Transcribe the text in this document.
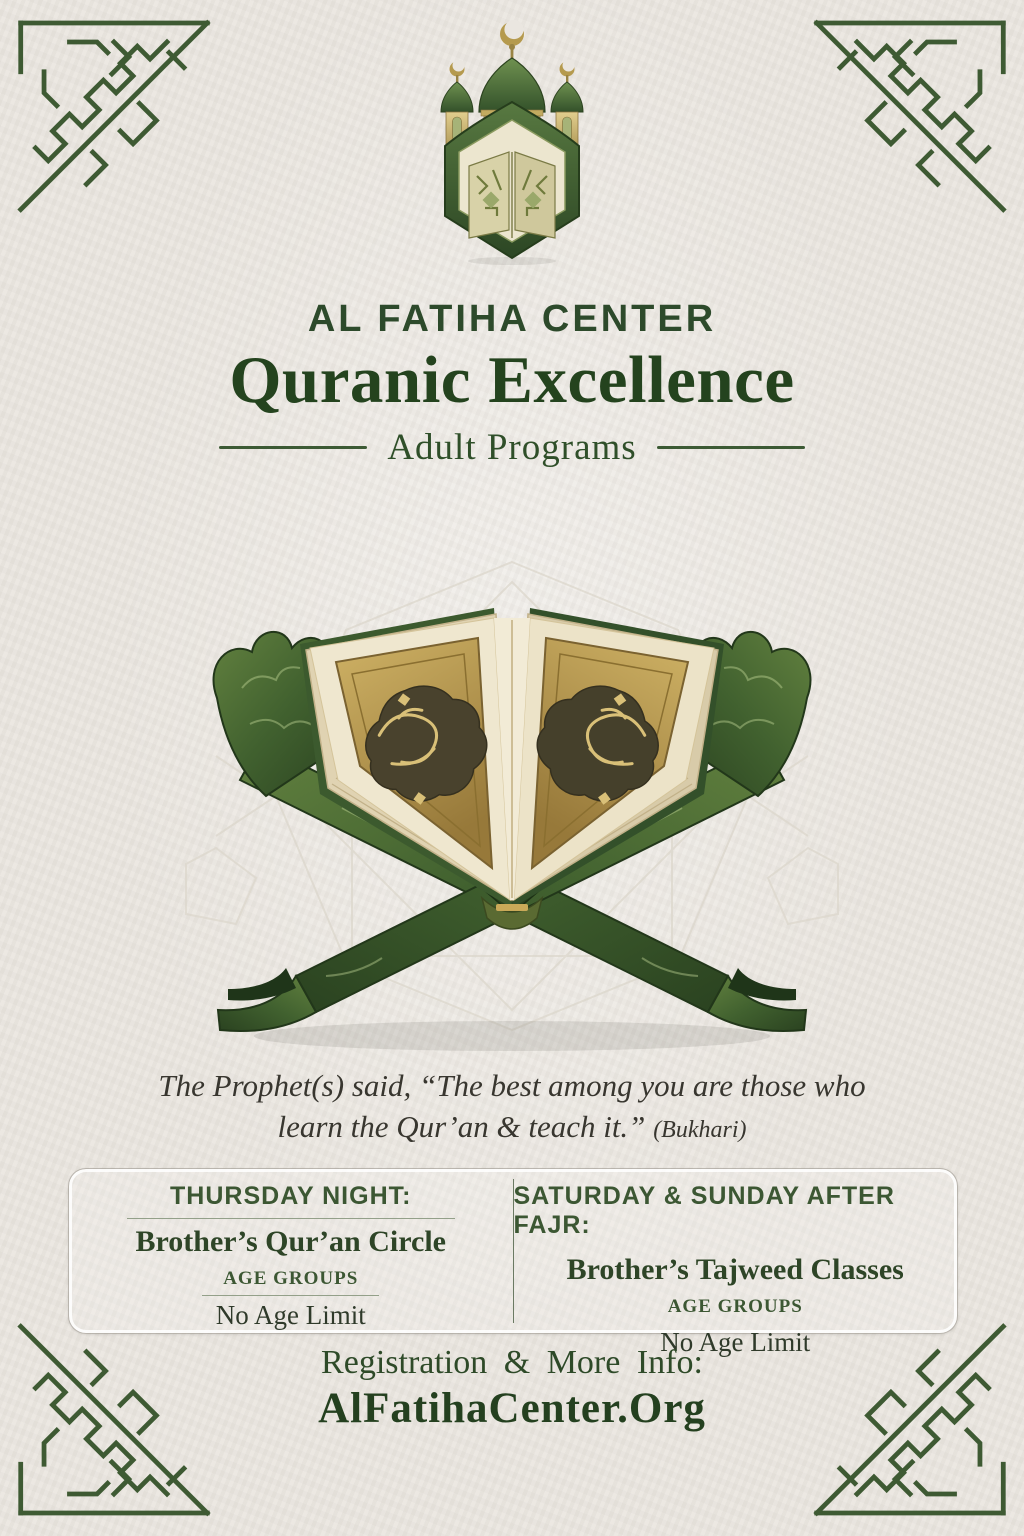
AL FATIHA CENTER
Quranic Excellence
Adult Programs
The Prophet(s) said, “The best among you are those who
learn the Qur’an & teach it.” (Bukhari)
THURSDAY NIGHT:
Brother’s Qur’an Circle
AGE GROUPS
No Age Limit
SATURDAY & SUNDAY AFTER FAJR:
Brother’s Tajweed Classes
AGE GROUPS
No Age Limit
Registration & More Info:
AlFatihaCenter.Org
